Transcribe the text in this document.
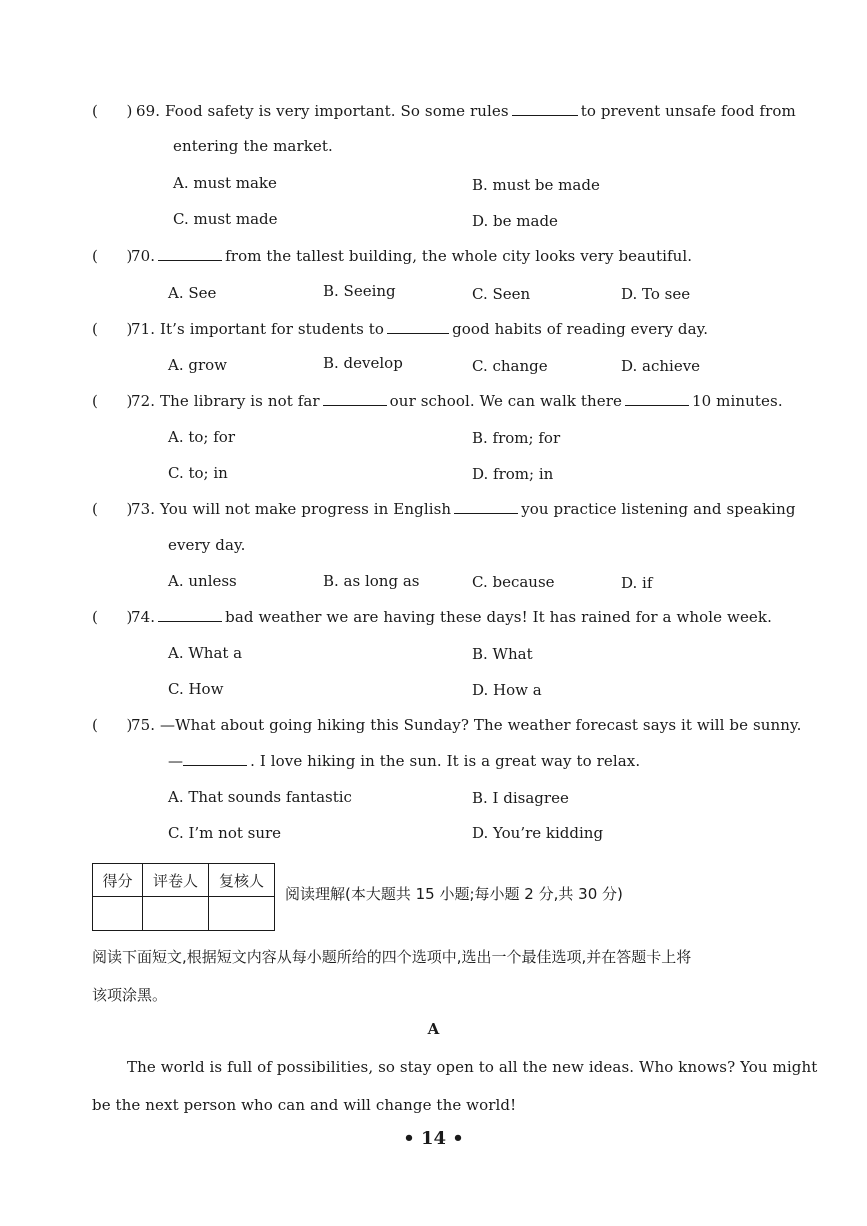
(      ) 69. Food safety is very important. So some rules	to prevent unsafe food from
entering the market.
A. must make	B. must be made
C. must made	D. be made
(      )
70.	from the tallest building, the whole city looks very beautiful.
A. See	B. Seeing	C. Seen	D. To see
(      )
71. It’s important for students to	good habits of reading every day.
A. grow	B. develop	C. change	D. achieve
(      )
72. The library is not far	our school. We can walk there	10 minutes.
A. to; for	B. from; for
C. to; in	D. from; in
(      )
73. You will not make progress in English	you practice listening and speaking
every day.
A. unless	B. as long as	C. because	D. if
(      )
74.	bad weather we are having these days! It has rained for a whole week.
A. What a	B. What
C. How	D. How a
(      )
75. —What about going hiking this Sunday? The weather forecast says it will be sunny.
—	. I love hiking in the sun. It is a great way to relax.
A. That sounds fantastic	B. I disagree
C. I’m not sure	D. You’re kidding
得分	评卷人	复核人

阅读理解(本大题共 15 小题;每小题 2 分,共 30 分)
阅读下面短文,根据短文内容从每小题所给的四个选项中,选出一个最佳选项,并在答题卡上将
该项涂黑。
A
The world is full of possibilities, so stay open to all the new ideas. Who knows? You might
be the next person who can and will change the world!
• 14 •
